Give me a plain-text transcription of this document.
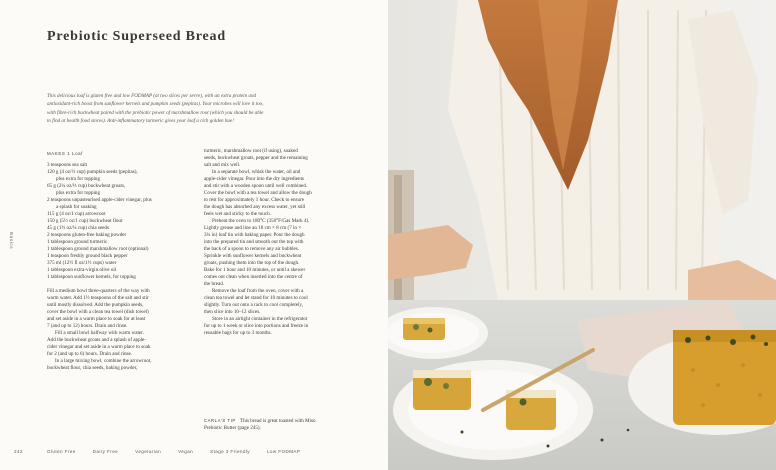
Prebiotic Superseed Bread
This delicious loaf is gluten free and low FODMAP (at two slices per serve), with an extra protein and
antioxidant-rich boost from sunflower kernels and pumpkin seeds (pepitas). Your microbes will love it too,
with fibre-rich buckwheat paired with the prebiotic power of marshmallow root (which you should be able
to find at health food stores). Anti-inflammatory turmeric gives your loaf a rich golden hue!
Basics
MAKES 1 Loaf
3 teaspoons sea salt
120 g (4 oz/⅔ cup) pumpkin seeds (pepitas),
plus extra for topping
65 g (2¼ oz/⅓ cup) buckwheat groats,
plus extra for topping
2 teaspoons unpasteurised apple-cider vinegar, plus
a splash for soaking
115 g (4 oz/1 cup) arrowroot
150 g (5½ oz/1 cup) buckwheat flour
45 g (1½ oz/¼ cup) chia seeds
2 teaspoons gluten-free baking powder
1 tablespoon ground turmeric
1 tablespoon ground marshmallow root (optional)
1 teaspoon freshly ground black pepper
375 ml (12½ fl oz/1½ cups) water
1 tablespoon extra-virgin olive oil
1 tablespoon sunflower kernels, for topping

Fill a medium bowl three-quarters of the way with

warm water. Add 1½ teaspoons of the salt and stir

until mostly dissolved. Add the pumpkin seeds,

cover the bowl with a clean tea towel (dish towel)

and set aside in a warm place to soak for at least

7 (and up to 12) hours. Drain and rinse.

Fill a small bowl halfway with warm water.

Add the buckwheat groats and a splash of apple-

cider vinegar and set aside in a warm place to soak

for 2 (and up to 6) hours. Drain and rinse.

In a large mixing bowl, combine the arrowroot,

buckwheat flour, chia seeds, baking powder,

turmeric, marshmallow root (if using), soaked

seeds, buckwheat groats, pepper and the remaining

salt and mix well.

In a separate bowl, whisk the water, oil and

apple-cider vinegar. Pour into the dry ingredients

and stir with a wooden spoon until well combined.

Cover the bowl with a tea towel and allow the dough

to rest for approximately 1 hour. Check to ensure

the dough has absorbed any excess water, yet still

feels wet and sticky to the touch.

Preheat the oven to 180°C (350°F/Gas Mark 4).

Lightly grease and line an 18 cm × 8 cm (7 in ×

3¼ in) loaf tin with baking paper. Pour the dough

into the prepared tin and smooth out the top with

the back of a spoon to remove any air bubbles.

Sprinkle with sunflower kernels and buckwheat

groats, pushing them into the top of the dough.

Bake for 1 hour and 10 minutes, or until a skewer

comes out clean when inserted into the centre of

the bread.

Remove the loaf from the oven, cover with a

clean tea towel and let stand for 10 minutes to cool

slightly. Turn out onto a rack to cool completely,

then slice into 10–12 slices.

Store in an airtight container in the refrigerator

for up to 1 week or slice into portions and freeze in

reusable bags for up to 3 months.

CARLA'S TIP This bread is great toasted with Miso
Prebiotic Butter (page 245).
242	Gluten Free	Dairy Free	Vegetarian	Vegan	Stage 3 Friendly	Low FODMAP
